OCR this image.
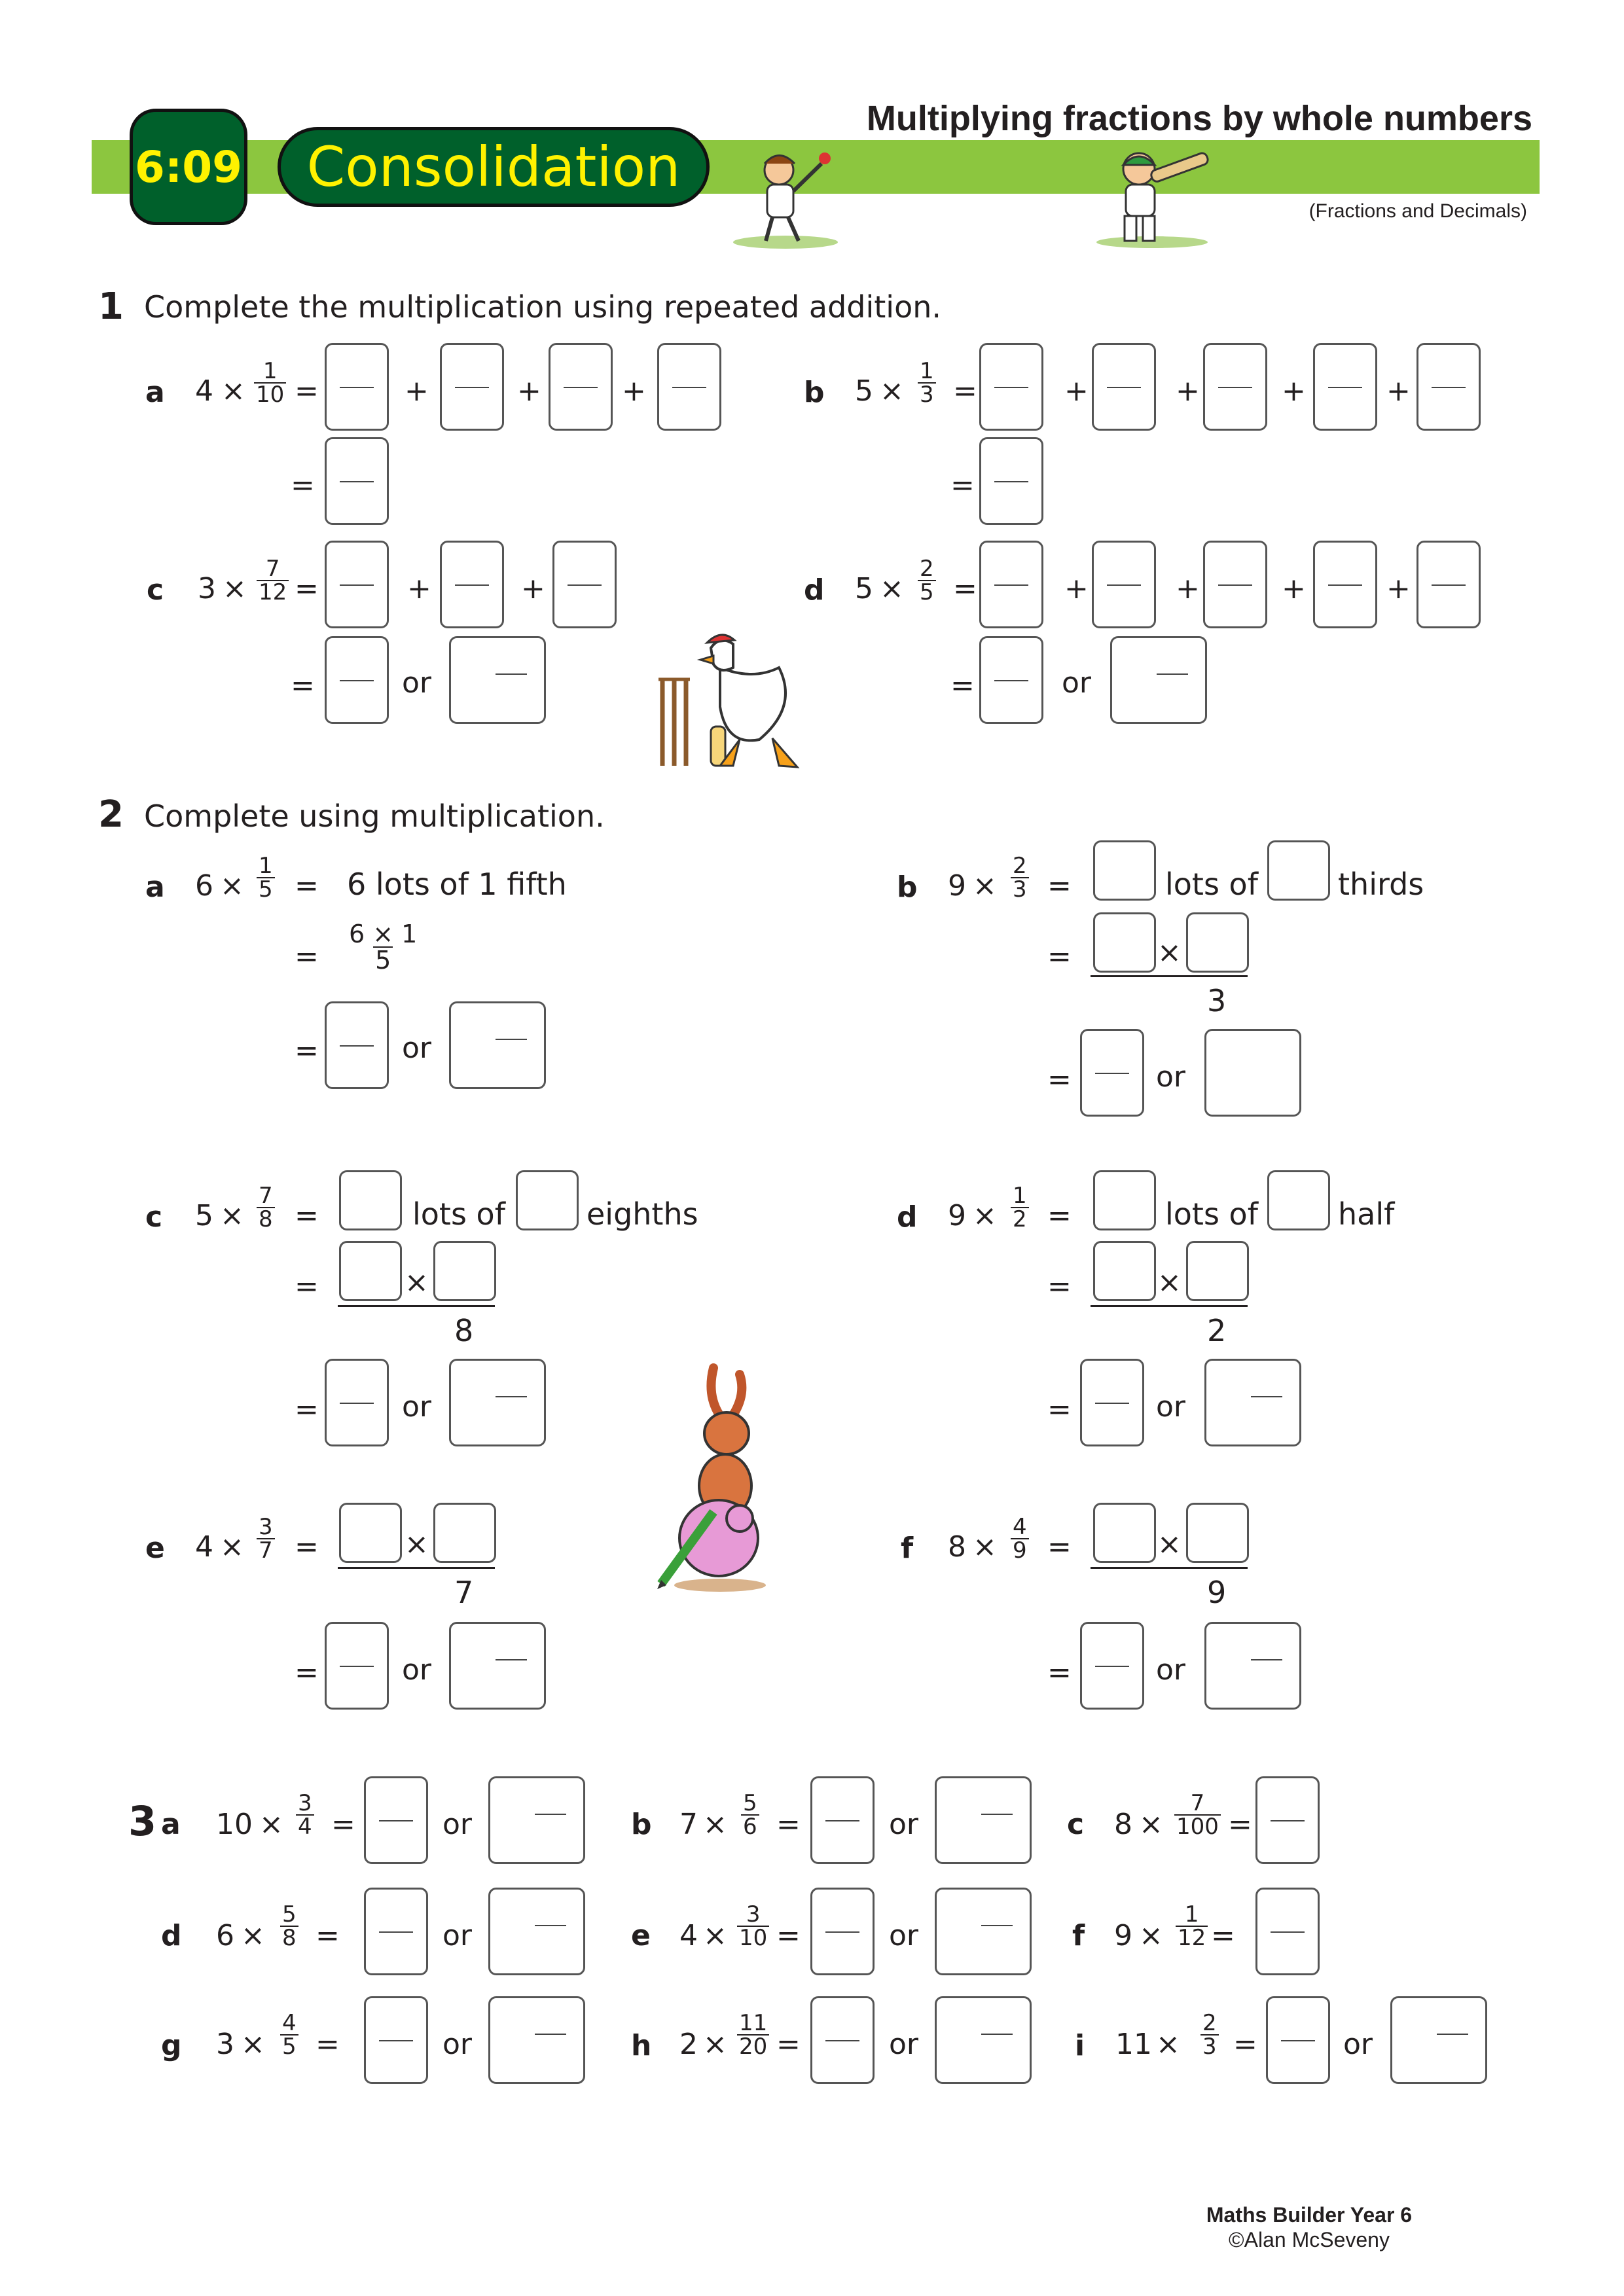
6:09	Consolidation
Multiplying fractions by whole numbers
(Fractions and Decimals)
1 Complete the multiplication using repeated addition.
a 4 ×
1
10 =	+	+	+
=
b 5 ×
1
3 =	+	+	+	+
=
c 3 ×
7
12 =	+	+
=	or
d 5 ×
2
5 =	+	+	+	+
=	or
2 Complete using multiplication.
a 6 ×
1
5 = 6 lots of 1 fifth
=
6 × 1
5
=	or
b 9 ×
2
3 =	lots of	thirds
=	×
3
=	or
c 5 ×
7
8 =	lots of	eighths
=	×
8
=	or
d 9 ×
1
2 =	lots of	half
=	×
2
=	or
e 4 ×
3
7 =	×
7
=	or
f 8 ×
4
9 =	×
9
=	or
3 a 10 ×
3
4 =	or	b 7 ×
5
6 =	or	c 8 ×
7
100 =
d 6 ×
5
8 =	or	e 4 ×
3
10 =	or	f 9 ×
1
12 =
g 3 ×
4
5 =	or	h 2 ×
11
20 =	or	i 11 ×
2
3 =	or
Maths Builder Year 6
©Alan McSeveny
